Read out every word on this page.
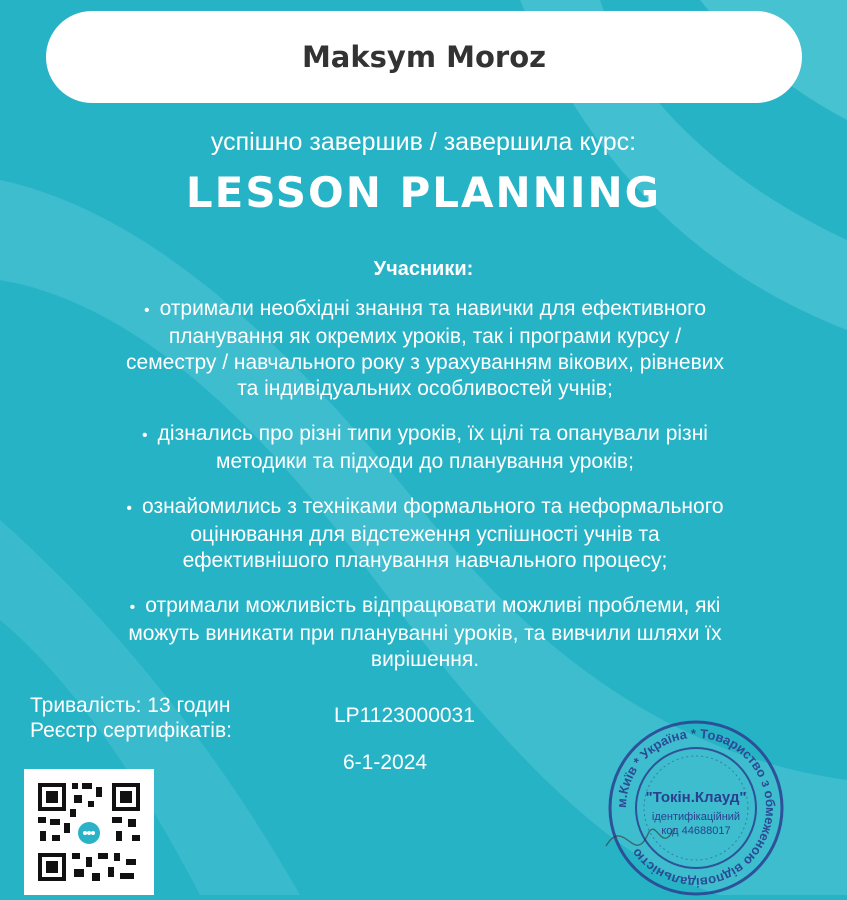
Maksym Moroz
успішно завершив / завершила курс:
LESSON PLANNING
Учасники:
• отримали необхідні знання та навички для ефективного
планування як окремих уроків, так і програми курсу /
семестру / навчального року з урахуванням вікових, рівневих
та індивідуальних особливостей учнів;
• дізнались про різні типи уроків, їх цілі та опанували різні
методики та підходи до планування уроків;
• ознайомились з техніками формального та неформального
оцінювання для відстеження успішності учнів та
ефективнішого планування навчального процесу;
• отримали можливість відпрацювати можливі проблеми, які
можуть виникати при плануванні уроків, та вивчили шляхи їх
вирішення.
Тривалість: 13 годин
Реєстр сертифікатів:
LP1123000031
6-1-2024
м.Київ * Україна * Товариство з обмеженою відповідальністю
"Токін.Клауд"
ідентифікаційний
код 44688017
